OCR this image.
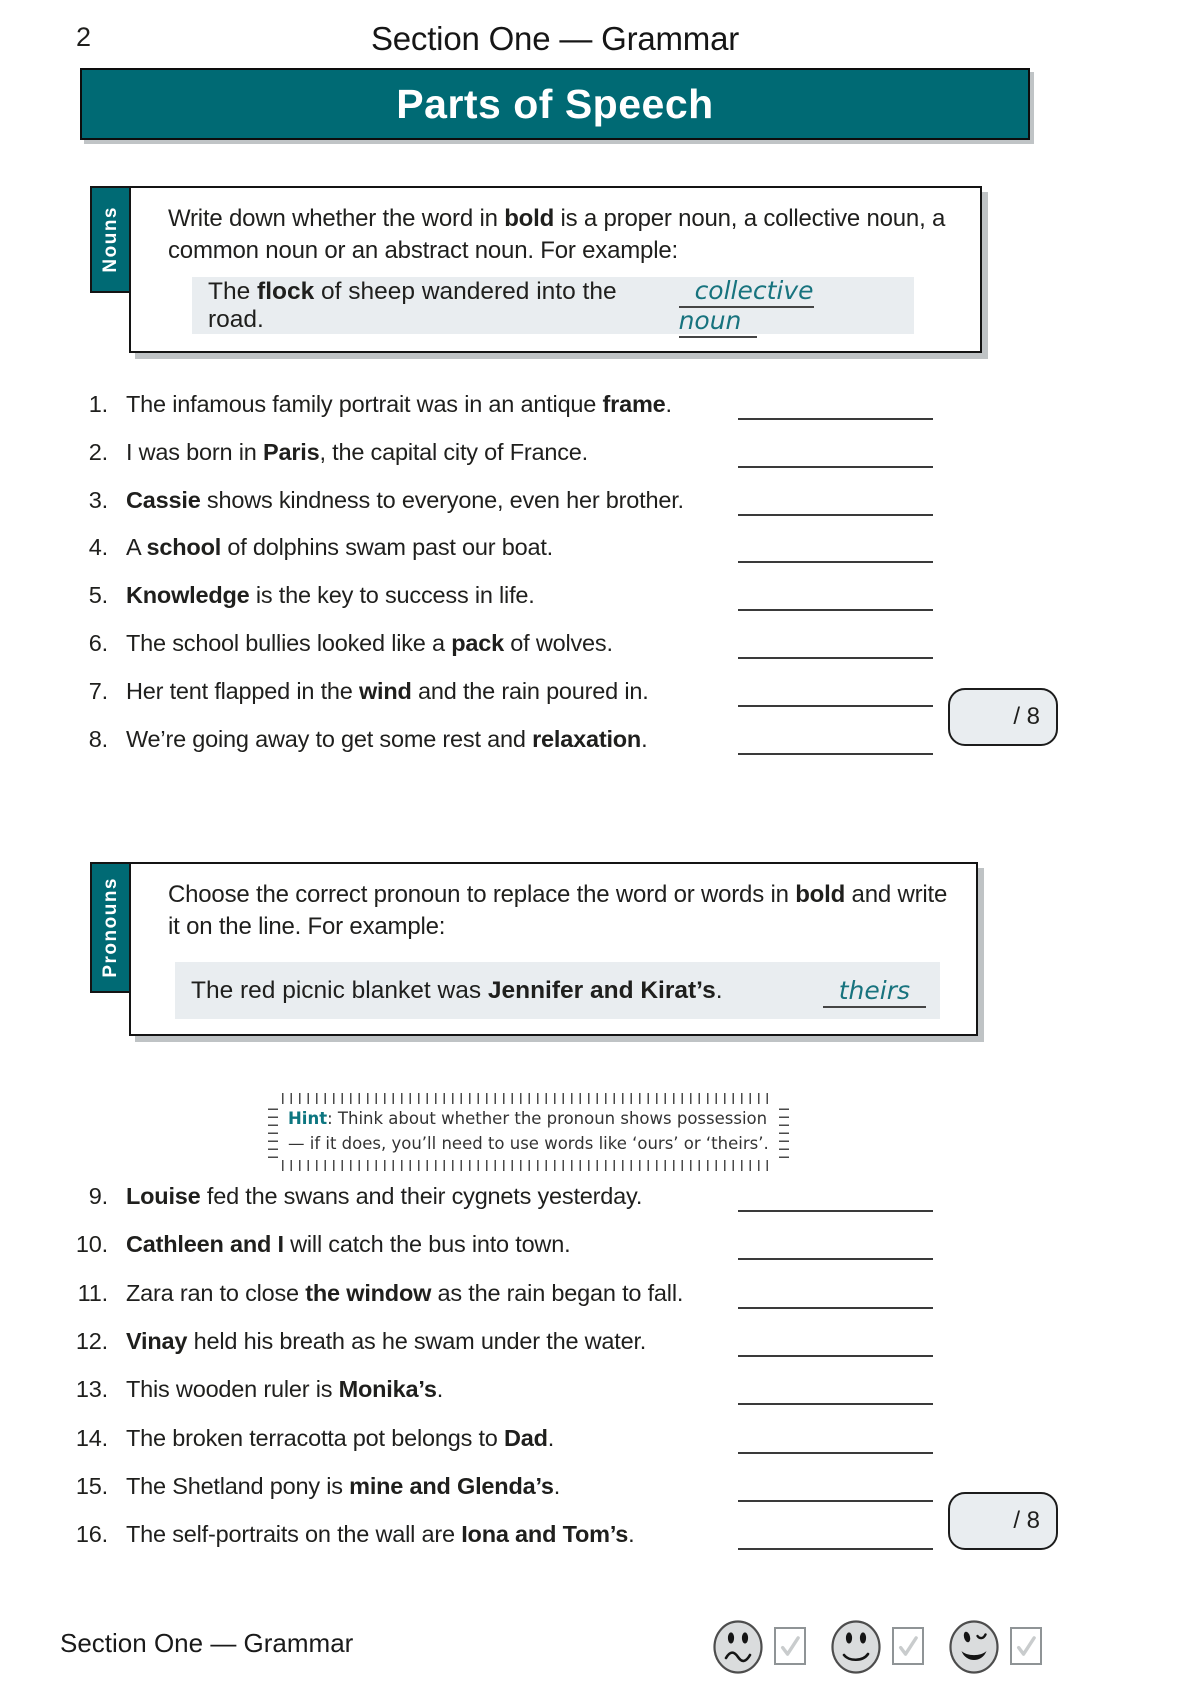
2	Section One — Grammar
Parts of Speech
Nouns Write down whether the word in bold is a proper noun, a collective noun, a common noun or an abstract noun. For example:
The flock of sheep wandered into the road.
collective noun
1. The infamous family portrait was in an antique frame.
2. I was born in Paris, the capital city of France.
3. Cassie shows kindness to everyone, even her brother.
4. A school of dolphins swam past our boat.
5. Knowledge is the key to success in life.
6. The school bullies looked like a pack of wolves.
7. Her tent flapped in the wind and the rain poured in.
8. We’re going away to get some rest and relaxation.
/ 8
Pronouns Choose the correct pronoun to replace the word or words in bold and write it on the line. For example:
The red picnic blanket was Jennifer and Kirat’s.	theirs
Hint: Think about whether the pronoun shows possession
— if it does, you’ll need to use words like ‘ours’ or ‘theirs’.
9. Louise fed the swans and their cygnets yesterday.
10. Cathleen and I will catch the bus into town.
11. Zara ran to close the window as the rain began to fall.
12. Vinay held his breath as he swam under the water.
13. This wooden ruler is Monika’s.
14. The broken terracotta pot belongs to Dad.
15. The Shetland pony is mine and Glenda’s.
16. The self-portraits on the wall are Iona and Tom’s.
/ 8
Section One — Grammar
